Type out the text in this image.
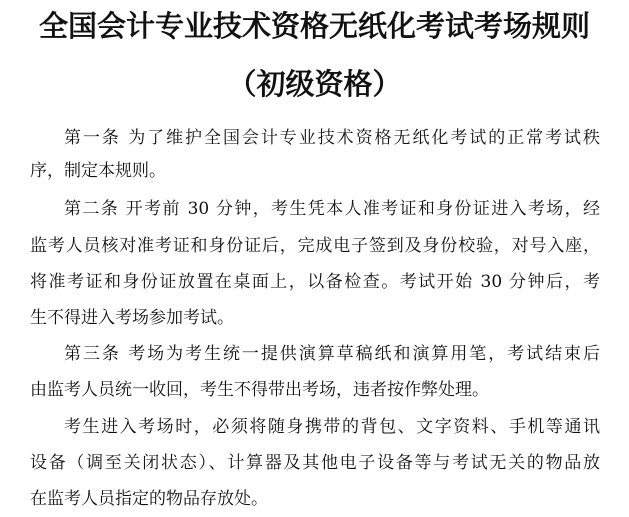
全国会计专业技术资格无纸化考试考场规则
（初级资格）
第一条 为了维护全国会计专业技术资格无纸化考试的正常考试秩
序，制定本规则。
第二条 开考前 30 分钟，考生凭本人准考证和身份证进入考场，经
监考人员核对准考证和身份证后，完成电子签到及身份校验，对号入座，
将准考证和身份证放置在桌面上，以备检查。考试开始 30 分钟后，考
生不得进入考场参加考试。
第三条 考场为考生统一提供演算草稿纸和演算用笔，考试结束后
由监考人员统一收回，考生不得带出考场，违者按作弊处理。
考生进入考场时，必须将随身携带的背包、文字资料、手机等通讯
设备（调至关闭状态）、计算器及其他电子设备等与考试无关的物品放
在监考人员指定的物品存放处。
